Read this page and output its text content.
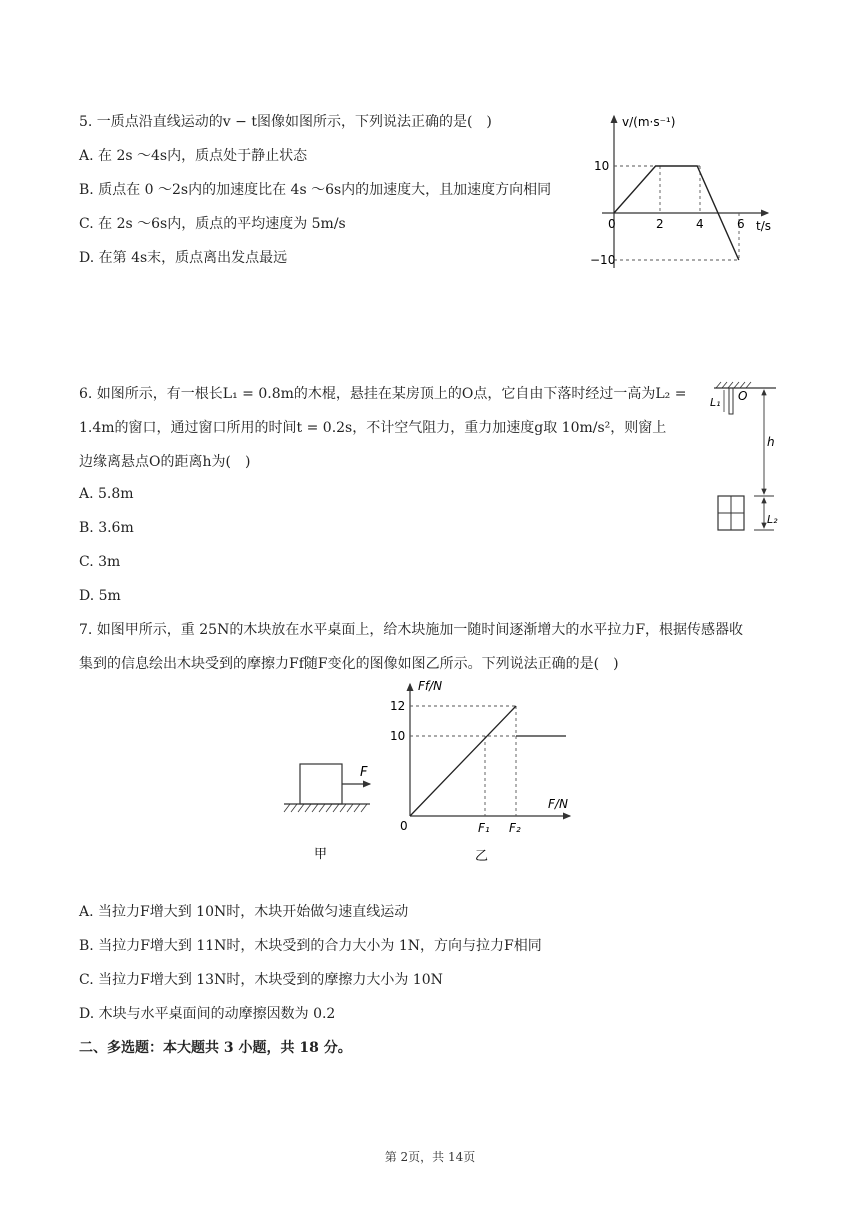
5. 一质点沿直线运动的v − t图像如图所示，下列说法正确的是(　)
A. 在 2s ～4s内，质点处于静止状态
B. 质点在 0 ～2s内的加速度比在 4s ～6s内的加速度大，且加速度方向相同
C. 在 2s ～6s内，质点的平均速度为 5m/s
D. 在第 4s末，质点离出发点最远
v/(m·s⁻¹)
t/s
10
−10
0	2	4	6
6. 如图所示，有一根长L₁ = 0.8m的木棍，悬挂在某房顶上的O点，它自由下落时经过一高为L₂ =
1.4m的窗口，通过窗口所用的时间t = 0.2s，不计空气阻力，重力加速度g取 10m/s²，则窗上
边缘离悬点O的距离h为(　)
A. 5.8m
B. 3.6m
C. 3m
D. 5m
L₁ O
h
L₂
7. 如图甲所示，重 25N的木块放在水平桌面上，给木块施加一随时间逐渐增大的水平拉力F，根据传感器收
集到的信息绘出木块受到的摩擦力Ff随F变化的图像如图乙所示。下列说法正确的是(　)
F
甲
Ff/N
F/N
12
10
0	F₁ F₂
乙
A. 当拉力F增大到 10N时，木块开始做匀速直线运动
B. 当拉力F增大到 11N时，木块受到的合力大小为 1N，方向与拉力F相同
C. 当拉力F增大到 13N时，木块受到的摩擦力大小为 10N
D. 木块与水平桌面间的动摩擦因数为 0.2
二、多选题：本大题共 3 小题，共 18 分。
第 2页，共 14页
